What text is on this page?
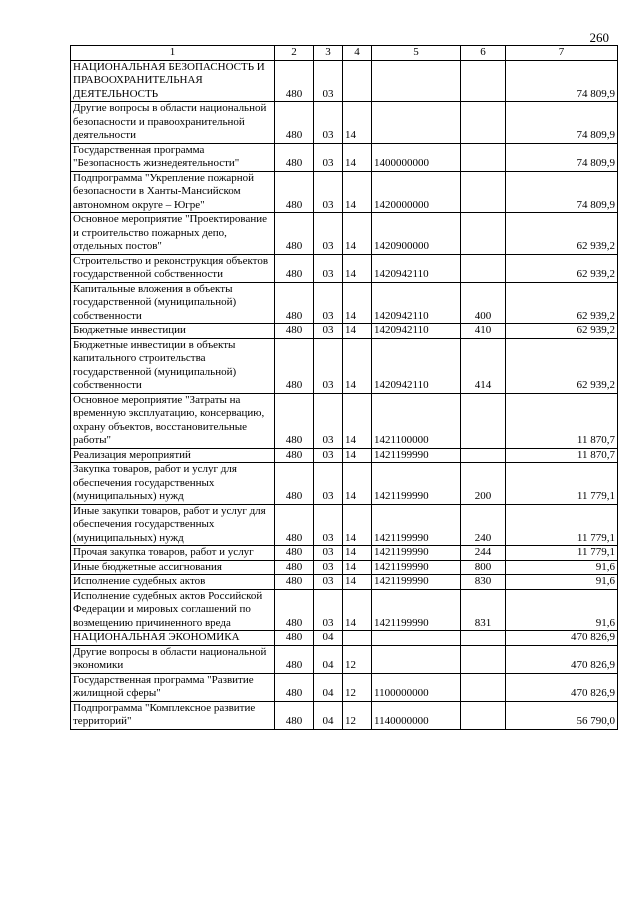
260
1	2	3	4	5	6	7
НАЦИОНАЛЬНАЯ БЕЗОПАСНОСТЬ И ПРАВООХРАНИТЕЛЬНАЯ ДЕЯТЕЛЬНОСТЬ	480	03				74 809,9
Другие вопросы в области национальной безопасности и правоохранительной деятельности	480	03	14			74 809,9
Государственная программа "Безопасность жизнедеятельности"	480	03	14	1400000000		74 809,9
Подпрограмма "Укрепление пожарной безопасности в Ханты-Мансийском автономном округе – Югре"	480	03	14	1420000000		74 809,9
Основное мероприятие "Проектирование и строительство пожарных депо, отдельных постов"	480	03	14	1420900000		62 939,2
Строительство и реконструкция объектов государственной собственности	480	03	14	1420942110		62 939,2
Капитальные вложения в объекты государственной (муниципальной) собственности	480	03	14	1420942110	400	62 939,2
Бюджетные инвестиции	480	03	14	1420942110	410	62 939,2
Бюджетные инвестиции в объекты капитального строительства государственной (муниципальной) собственности	480	03	14	1420942110	414	62 939,2
Основное мероприятие "Затраты на временную эксплуатацию, консервацию, охрану объектов, восстановительные работы"	480	03	14	1421100000		11 870,7
Реализация мероприятий	480	03	14	1421199990		11 870,7
Закупка товаров, работ и услуг для обеспечения государственных (муниципальных) нужд	480	03	14	1421199990	200	11 779,1
Иные закупки товаров, работ и услуг для обеспечения государственных (муниципальных) нужд	480	03	14	1421199990	240	11 779,1
Прочая закупка товаров, работ и услуг	480	03	14	1421199990	244	11 779,1
Иные бюджетные ассигнования	480	03	14	1421199990	800	91,6
Исполнение судебных актов	480	03	14	1421199990	830	91,6
Исполнение судебных актов Российской Федерации и мировых соглашений по возмещению причиненного вреда	480	03	14	1421199990	831	91,6
НАЦИОНАЛЬНАЯ ЭКОНОМИКА	480	04				470 826,9
Другие вопросы в области национальной экономики	480	04	12			470 826,9
Государственная программа "Развитие жилищной сферы"	480	04	12	1100000000		470 826,9
Подпрограмма "Комплексное развитие территорий"	480	04	12	1140000000		56 790,0
